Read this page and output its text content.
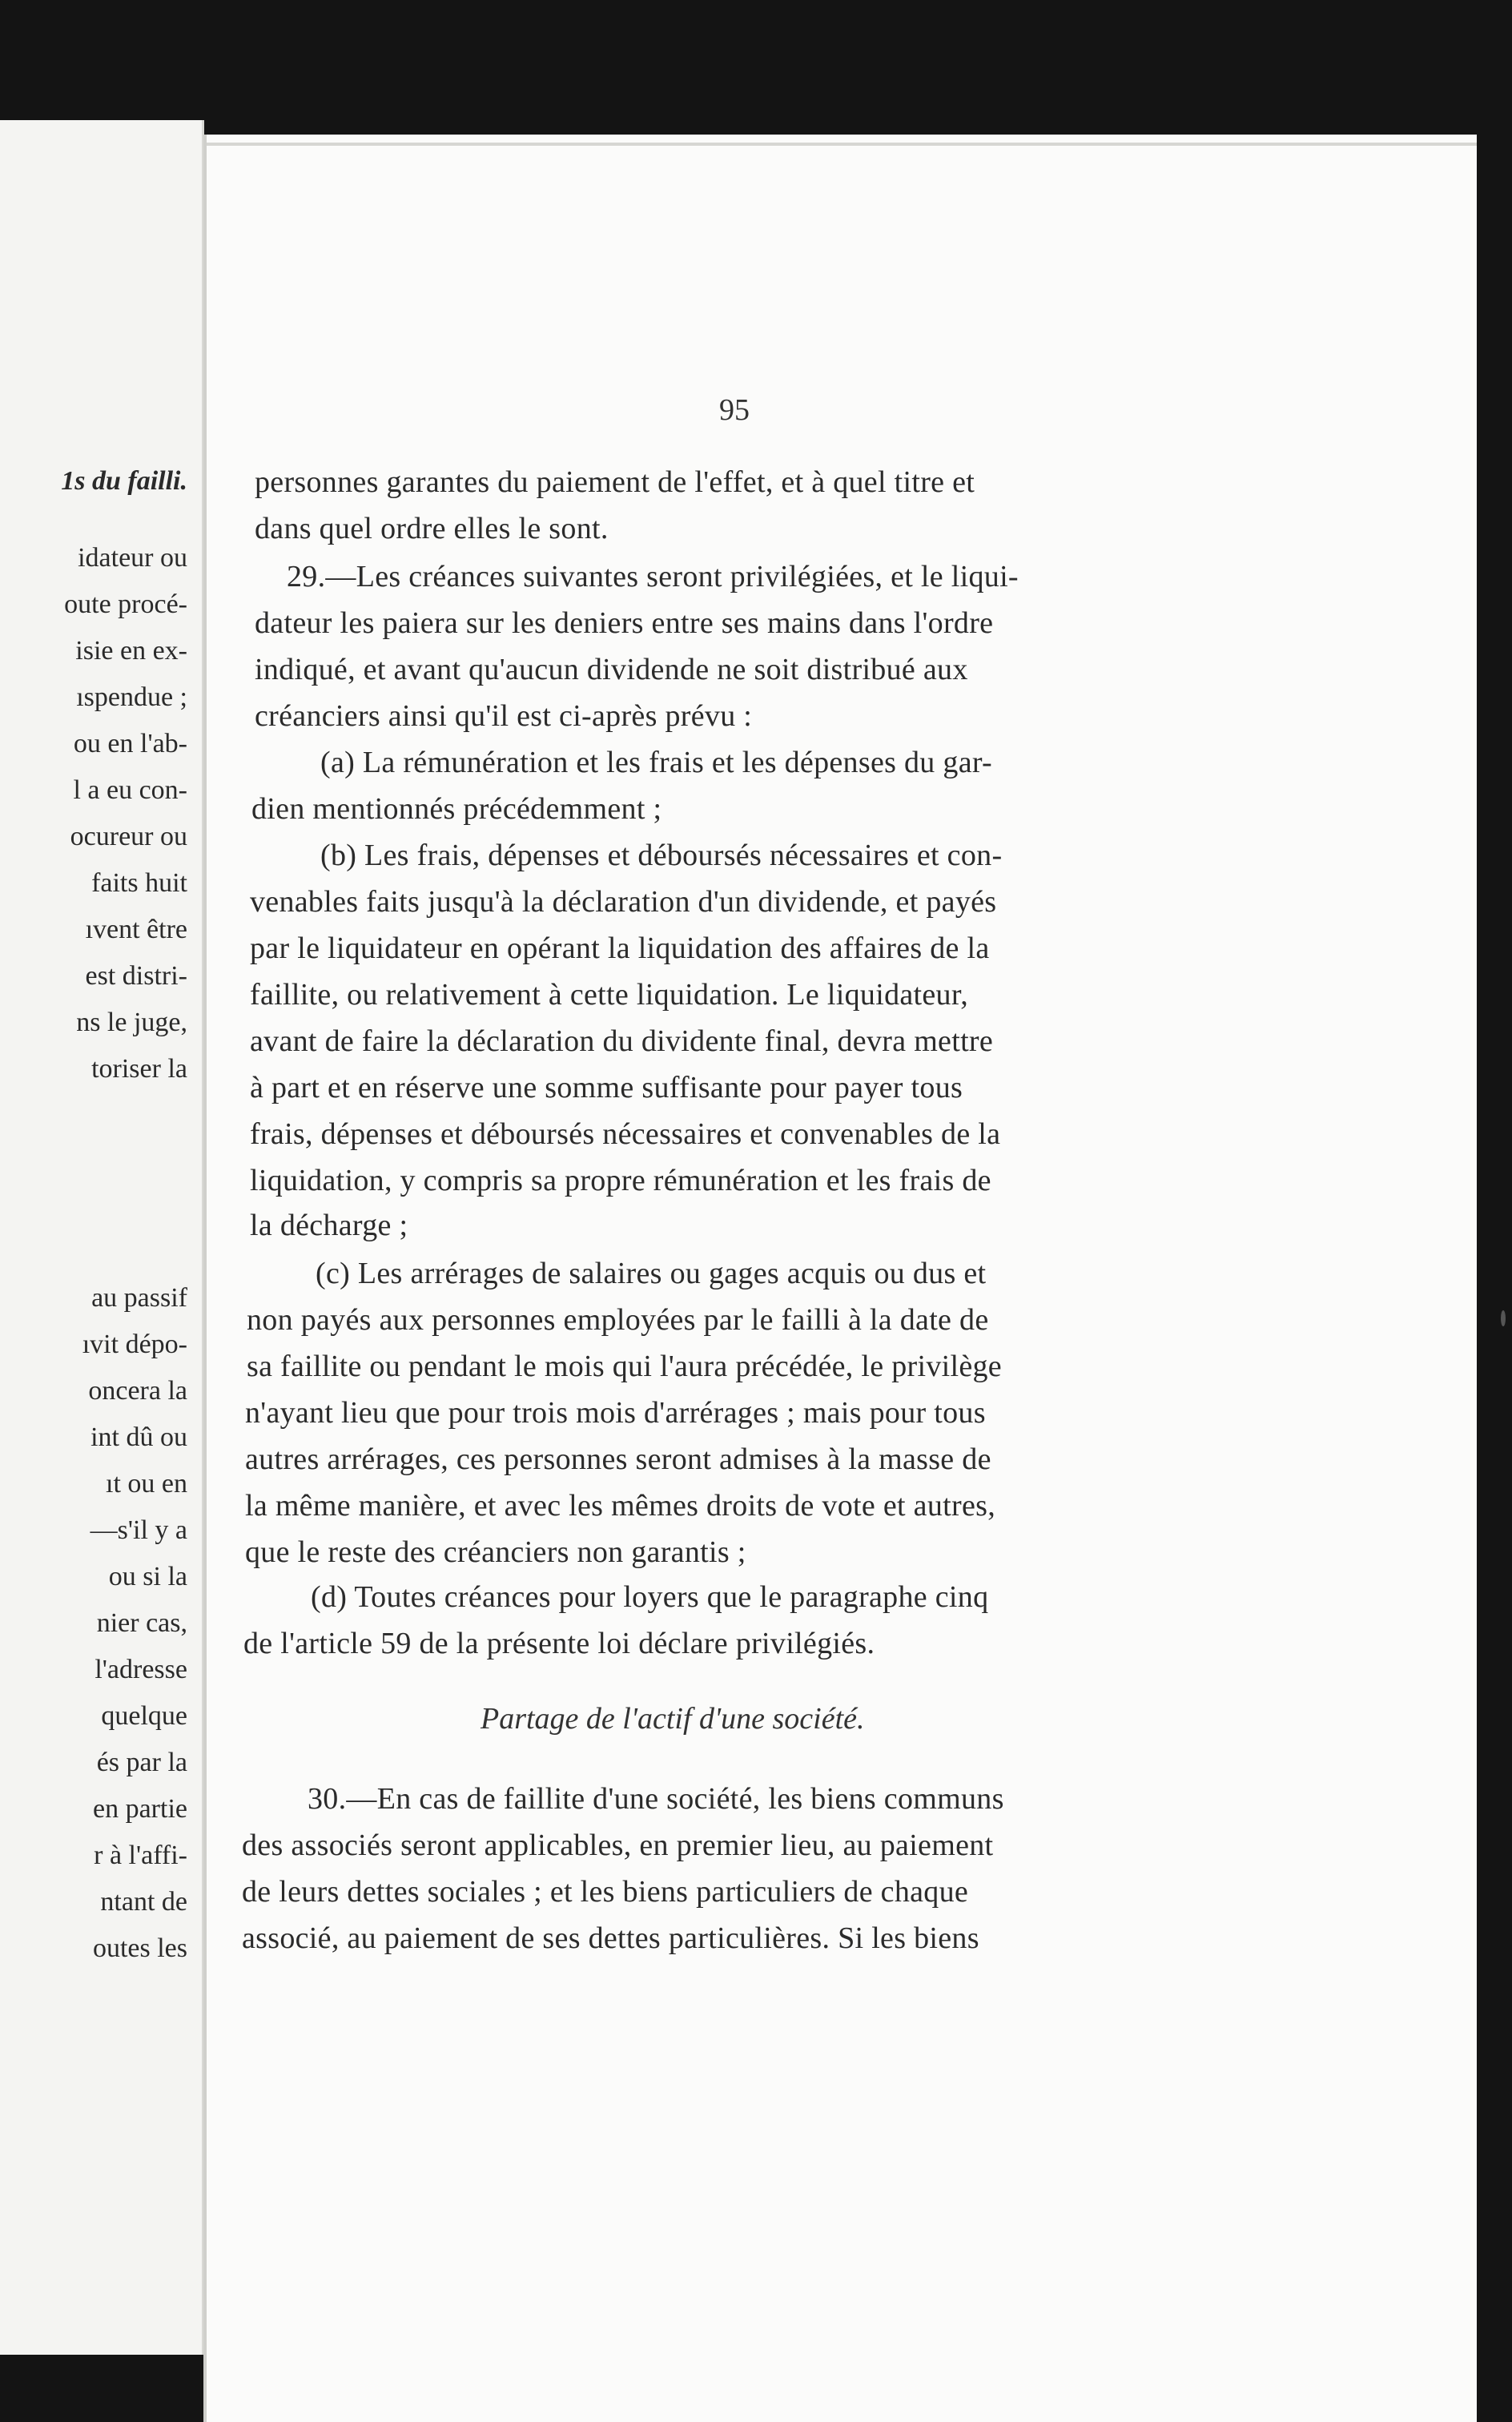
1s du failli.
idateur ou
oute procé-
isie en ex-
ıspendue ;
ou en l'ab-
l a eu con-
ocureur ou
faits huit
ıvent être
est distri-
ns le juge,
toriser la
au passif
ıvit dépo-
oncera la
int dû ou
ıt ou en
—s'il y a
ou si la
nier cas,
l'adresse
quelque
és par la
en partie
r à l'affi-
ntant de
outes les
95
personnes garantes du paiement de l'effet, et à quel titre et
dans quel ordre elles le sont.
29.—Les créances suivantes seront privilégiées, et le liqui-
dateur les paiera sur les deniers entre ses mains dans l'ordre
indiqué, et avant qu'aucun dividende ne soit distribué aux
créanciers ainsi qu'il est ci-après prévu :
(a) La rémunération et les frais et les dépenses du gar-
dien mentionnés précédemment ;
(b) Les frais, dépenses et déboursés nécessaires et con-
venables faits jusqu'à la déclaration d'un dividende, et payés
par le liquidateur en opérant la liquidation des affaires de la
faillite, ou relativement à cette liquidation. Le liquidateur,
avant de faire la déclaration du dividente final, devra mettre
à part et en réserve une somme suffisante pour payer tous
frais, dépenses et déboursés nécessaires et convenables de la
liquidation, y compris sa propre rémunération et les frais de
la décharge ;
(c) Les arrérages de salaires ou gages acquis ou dus et
non payés aux personnes employées par le failli à la date de
sa faillite ou pendant le mois qui l'aura précédée, le privilège
n'ayant lieu que pour trois mois d'arrérages ; mais pour tous
autres arrérages, ces personnes seront admises à la masse de
la même manière, et avec les mêmes droits de vote et autres,
que le reste des créanciers non garantis ;
(d) Toutes créances pour loyers que le paragraphe cinq
de l'article 59 de la présente loi déclare privilégiés.
Partage de l'actif d'une société.
30.—En cas de faillite d'une société, les biens communs
des associés seront applicables, en premier lieu, au paiement
de leurs dettes sociales ; et les biens particuliers de chaque
associé, au paiement de ses dettes particulières. Si les biens
